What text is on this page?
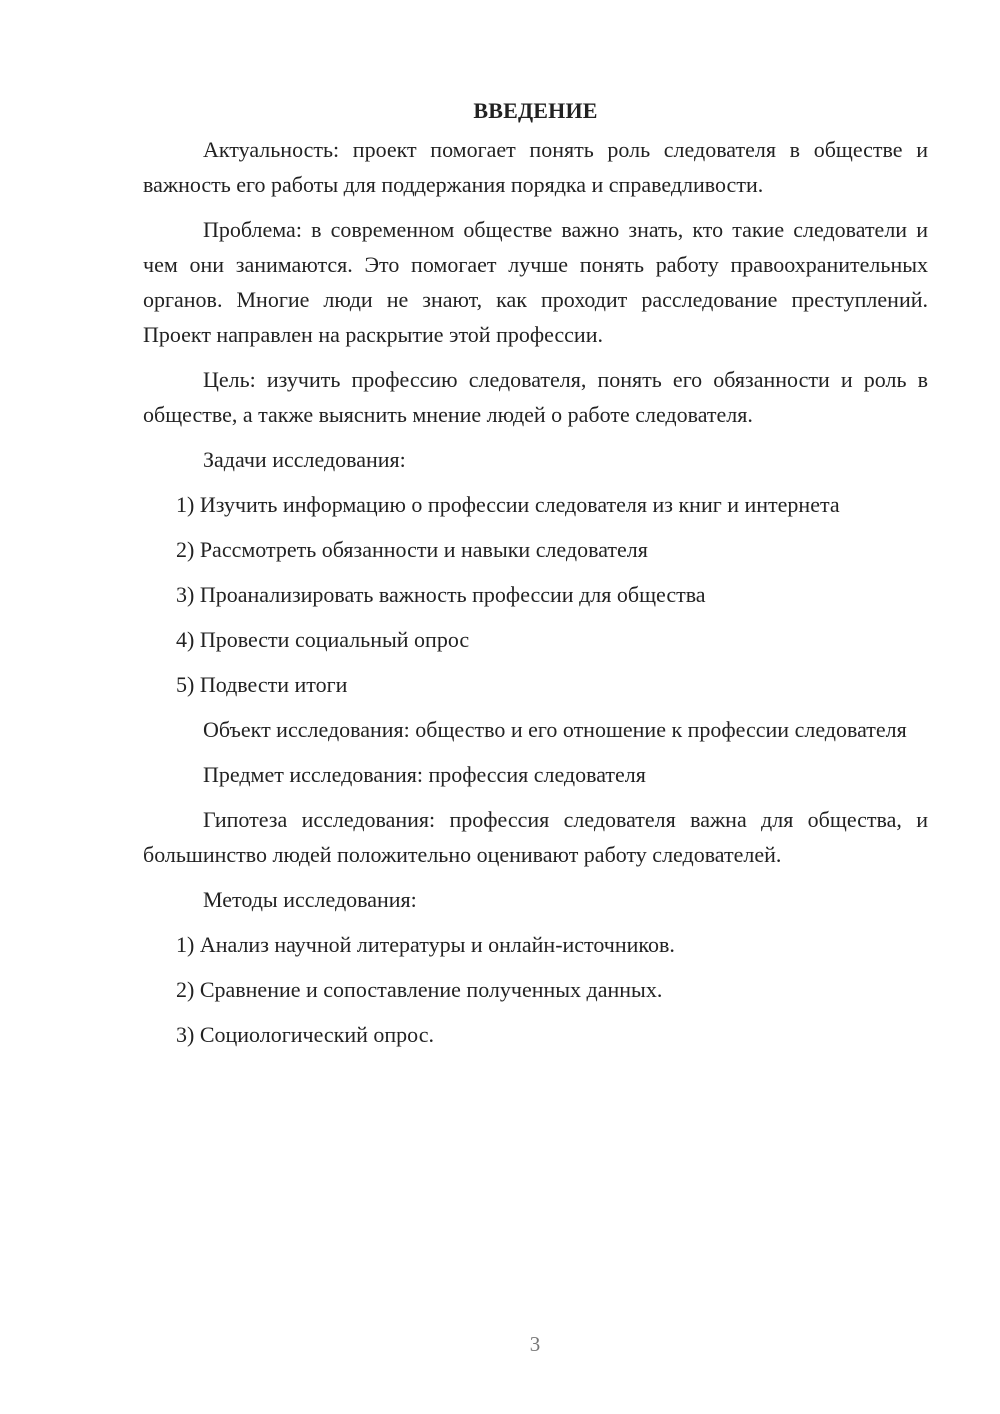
ВВЕДЕНИЕ

Актуальность: проект помогает понять роль следователя в обществе и важность его работы для поддержания порядка и справедливости.

Проблема: в современном обществе важно знать, кто такие следователи и чем они занимаются. Это помогает лучше понять работу правоохранительных органов. Многие люди не знают, как проходит расследование преступлений. Проект направлен на раскрытие этой профессии.

Цель: изучить профессию следователя, понять его обязанности и роль в обществе, а также выяснить мнение людей о работе следователя.

Задачи исследования:

1) Изучить информацию о профессии следователя из книг и интернета

2) Рассмотреть обязанности и навыки следователя

3) Проанализировать важность профессии для общества

4) Провести социальный опрос

5) Подвести итоги

Объект исследования: общество и его отношение к профессии следователя

Предмет исследования: профессия следователя

Гипотеза исследования: профессия следователя важна для общества, и большинство людей положительно оценивают работу следователей.

Методы исследования:

1) Анализ научной литературы и онлайн-источников.

2) Сравнение и сопоставление полученных данных.

3) Социологический опрос.

3
